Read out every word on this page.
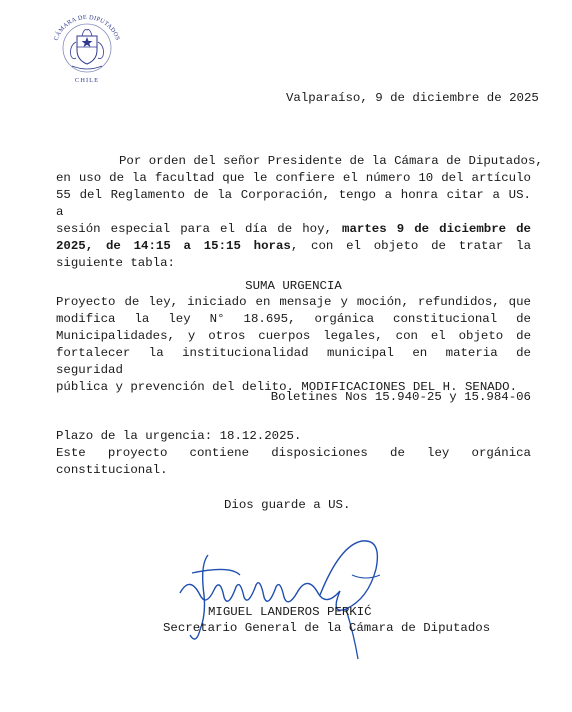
CÁMARA DE DIPUTADOS
CHILE
Valparaíso, 9 de diciembre de 2025
Por orden del señor Presidente de la Cámara de Diputados,
en uso de la facultad que le confiere el número 10 del artículo
55 del Reglamento de la Corporación, tengo a honra citar a US. a
sesión especial para el día de hoy, martes 9 de diciembre de
2025, de 14:15 a 15:15 horas, con el objeto de tratar la
siguiente tabla:
SUMA URGENCIA
Proyecto de ley, iniciado en mensaje y moción, refundidos, que
modifica la ley N° 18.695, orgánica constitucional de
Municipalidades, y otros cuerpos legales, con el objeto de
fortalecer la institucionalidad municipal en materia de seguridad
pública y prevención del delito. MODIFICACIONES DEL H. SENADO.
Boletines Nos 15.940-25 y 15.984-06
Plazo de la urgencia: 18.12.2025.
Este proyecto contiene disposiciones de ley orgánica
constitucional.
Dios guarde a US.
MIGUEL LANDEROS PERKIĆ
Secretario General de la Cámara de Diputados
